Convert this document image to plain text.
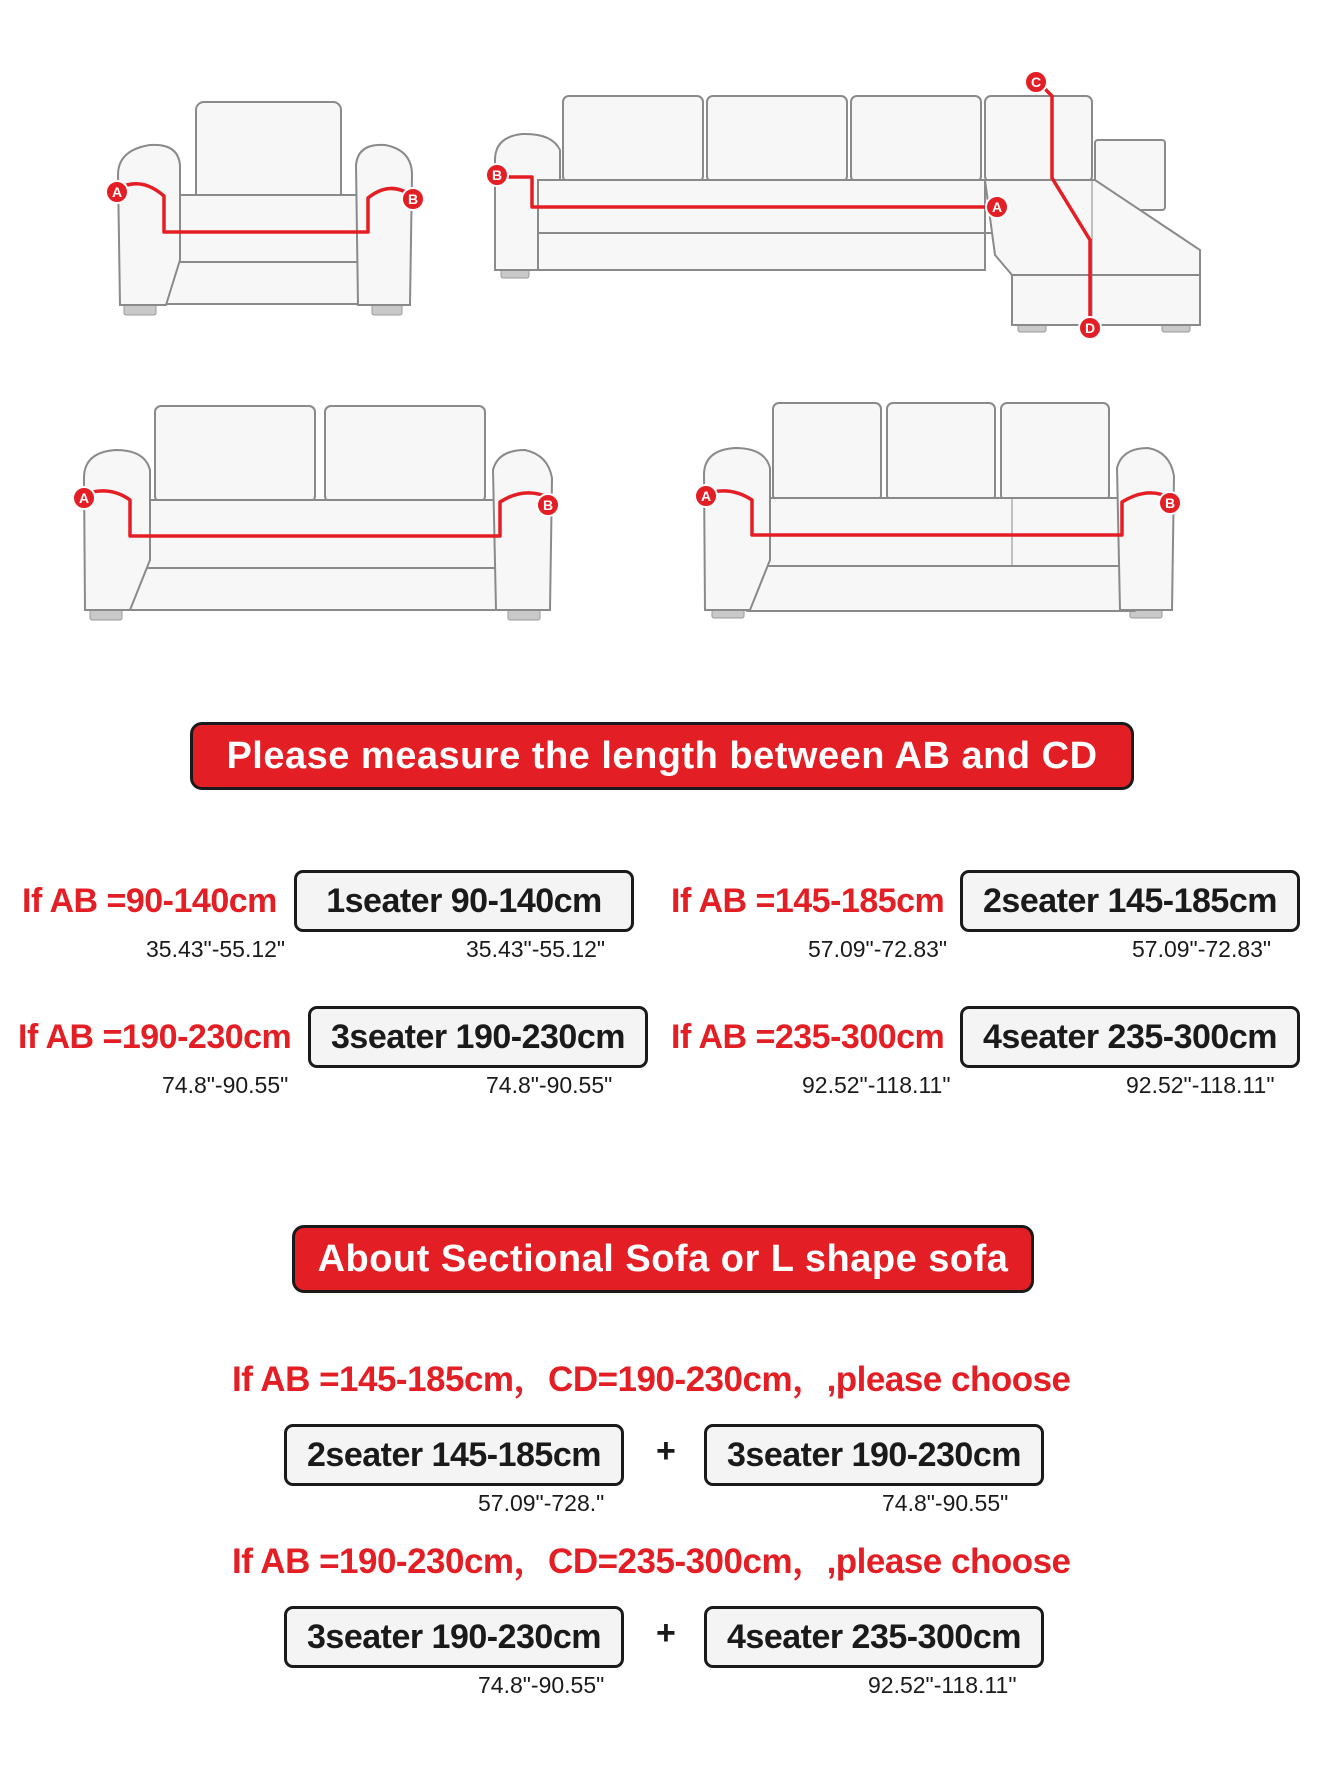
A	B
B
A
C
D
A	B
A	B
Please measure the length between AB and CD
If AB =90-140cm
35.43"-55.12"
1seater 90-140cm
35.43"-55.12"
If AB =145-185cm
57.09"-72.83"
2seater 145-185cm
57.09"-72.83"
If AB =190-230cm
74.8"-90.55"
3seater 190-230cm
74.8"-90.55"
If AB =235-300cm
92.52"-118.11"
4seater 235-300cm
92.52"-118.11"
About Sectional Sofa or L shape sofa
If AB =145-185cm，CD=190-230cm，,please choose
2seater 145-185cm	+	3seater 190-230cm
57.09"-728."	74.8"-90.55"
If AB =190-230cm，CD=235-300cm，,please choose
3seater 190-230cm	+	4seater 235-300cm
74.8"-90.55"	92.52"-118.11"
